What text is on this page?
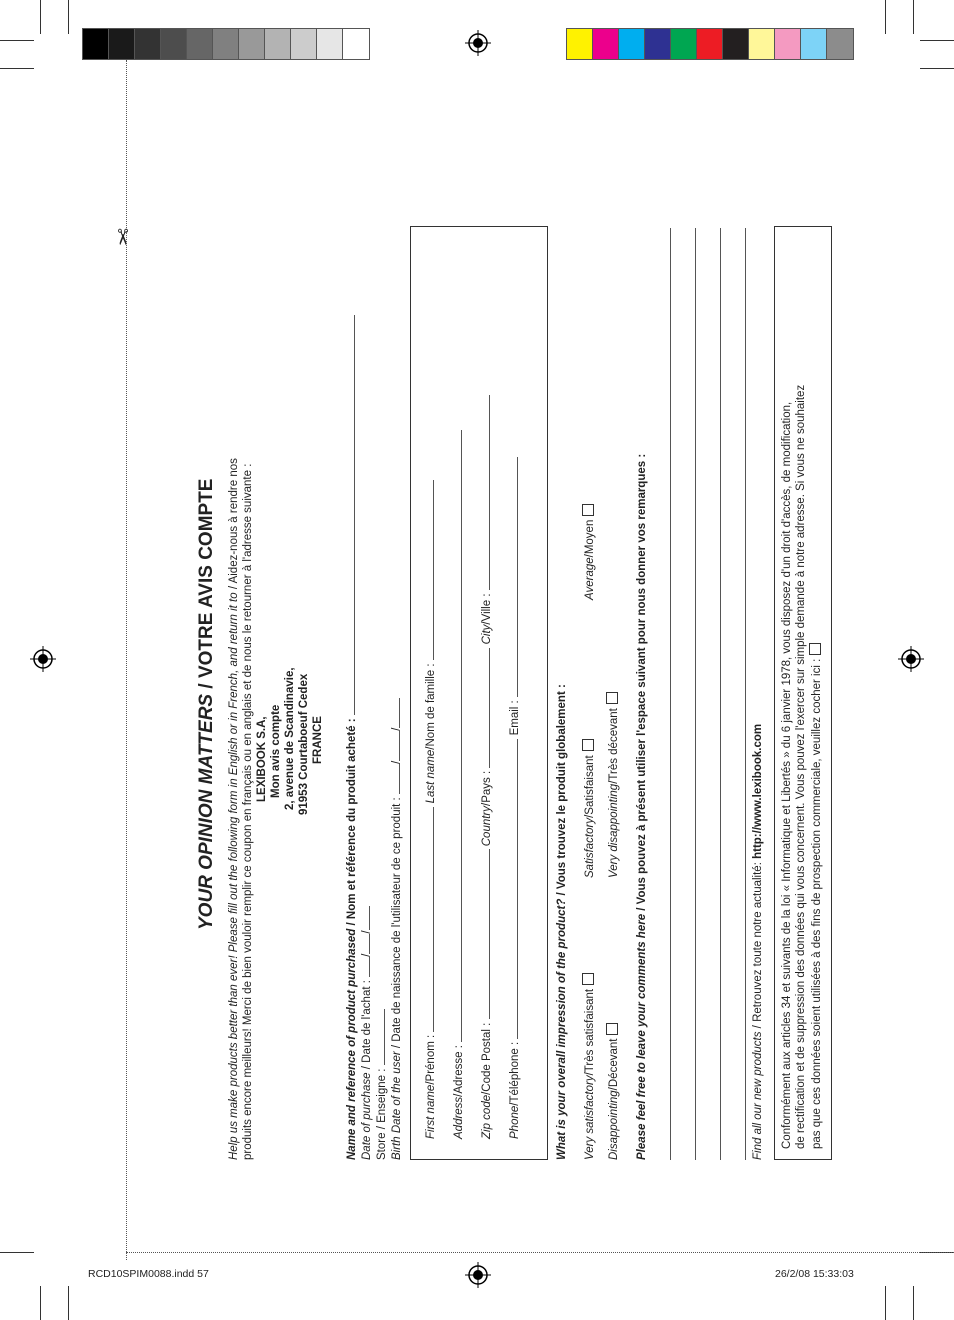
✂
YOUR OPINION MATTERS / VOTRE AVIS COMPTE
Help us make products better than ever! Please fill out the following form in English or in French, and return it to / Aidez-nous à rendre nos produits encore meilleurs! Merci de bien vouloir remplir ce coupon en français ou en anglais et de nous le retourner à l'adresse suivante : LEXIBOOK S.A, Mon avis compte 2, avenue de Scandinavie, 91953 Courtaboeuf Cedex FRANCE
Name and reference of product purchased / Nom et référence du produit acheté :
Date of purchase / Date de l'achat : //
Store / Enseigne : Birth Date of the user / Date de naissance de l'utilisateur de ce produit : //
First name/Prénom :  Last name/Nom de famille :
Address/Adresse :
Zip code/Code Postal :  Country/Pays :  City/Ville :
Phone/Téléphone :  Email :
What is your overall impression of the product? / Vous trouvez le produit globalement :
Very satisfactory/Très satisfaisant
Satisfactory/Satisfaisant
Average/Moyen
Disappointing/Décevant
Very disappointing/Très décevant
Please feel free to leave your comments here / Vous pouvez à présent utiliser l'espace suivant pour nous donner vos remarques :
Find all our new products / Retrouvez toute notre actualité: http://www.lexibook.com Conformément aux articles 34 et suivants de la loi « Informatique et Libertés » du 6 janvier 1978, vous disposez d'un droit d'accès, de modification, de rectification et de suppression des données qui vous concernent. Vous pouvez l'exercer sur simple demande à notre adresse. Si vous ne souhaitez pas que ces données soient utilisées à des fins de prospection commerciale, veuillez cocher ici :
RCD10SPIM0088.indd 57	26/2/08 15:33:03
